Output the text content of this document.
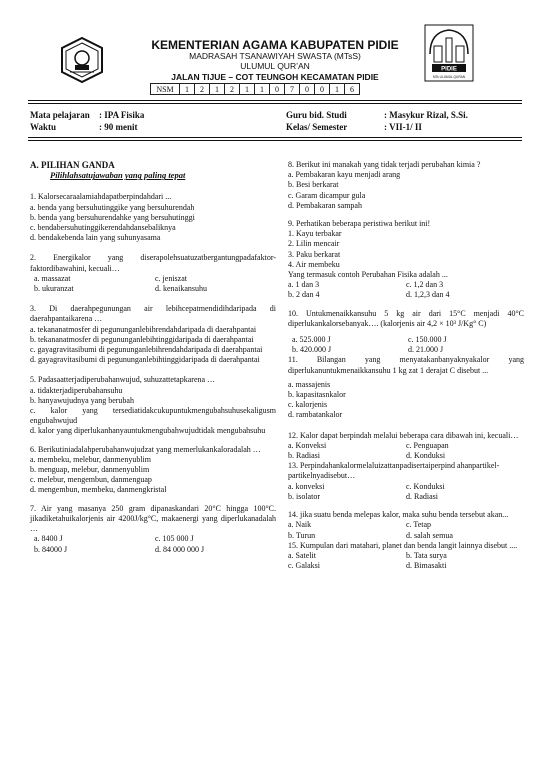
PIDIE
MTs ULUMUL QURAN
KEMENTERIAN AGAMA KABUPATEN PIDIE
MADRASAH TSANAWIYAH SWASTA (MTsS)
ULUMUL QUR’AN
JALAN TIJUE – COT TEUNGOH KECAMATAN PIDIE
NSM	1	2	1	2	1	1	0	7	0	0	1	6
Mata pelajaran : IPA Fisika
Waktu	: 90 menit
Guru bid. Studi	: Masykur Rizal, S.Si.
Kelas/ Semester	: VII-1/ II

A. PILIHAN GANDA

Pilihlahsatujawaban yang paling tepat

1. Kalorsecaraalamiahdapatberpindahdari ...

a. benda yang bersuhutinggike yang bersuhurendah

b. benda yang bersuhurendahke yang bersuhutinggi

c. bendabersuhutinggikerendahdansebaliknya

d. bendakebenda lain yang suhunyasama

2. Energikalor yang diserapolehsuatuzatbergantungpadafaktor-faktordibawahini, kecuali…

a. massazat	c. jeniszat
b. ukuranzat	d. kenaikansuhu

3. Di daerahpegunungan air lebihcepatmendidihdaripada di daerahpantaikarena …

a. tekananatmosfer di pegununganlebihrendahdaripada di daerahpantai

b. tekananatmosfer di pegununganlebihtinggidaripada di daerahpantai

c. gayagravitasibumi di pegununganlebihrendahdaripada di daerahpantai

d. gayagravitasibumi di pegununganlebihtinggidaripada di daerahpantai

5. Padasaatterjadiperubahanwujud, suhuzattetapkarena …

a. tidakterjadiperubahansuhu

b. hanyawujudnya yang berubah

c. kalor yang tersediatidakcukupuntukmengubahsuhusekaligusm engubahwujud

d. kalor yang diperlukanhanyauntukmengubahwujudtidak mengubahsuhu

6. Berikutiniadalahperubahanwujudzat yang memerlukankaloradalah …

a. membeku, melebur, danmenyublim

b. menguap, melebur, danmenyublim

c. melebur, mengembun, danmenguap

d. mengembun, membeku, danmengkristal

7. Air yang masanya 250 gram dipanaskandari 20°C hingga 100°C. jikadiketahuikalorjenis air 4200J/kg°C, makaenergi yang diperlukanadalah …

a. 8400 J	c. 105 000 J
b. 84000 J	d. 84 000 000 J

8. Berikut ini manakah yang tidak terjadi perubahan kimia ?

a. Pembakaran kayu menjadi arang

b. Besi berkarat

c. Garam dicampur gula

d. Pembakaran sampah

9. Perhatikan beberapa peristiwa berikut ini!

1. Kayu terbakar

2. Lilin mencair

3. Paku berkarat

4. Air membeku

Yang termasuk contoh Perubahan Fisika adalah ...

a. 1 dan 3	c. 1,2 dan 3
b. 2 dan 4	d. 1,2,3 dan 4

10. Untukmenaikkansuhu 5 kg air dari 15°C menjadi 40°C diperlukankalorsebanyak…. (kalorjenis air 4,2 × 10³ J/Kg° C)

a. 525.000 J	c. 150.000 J
b. 420.000 J	d. 21.000 J

11. Bilangan yang menyatakanbanyaknyakalor yang diperlukanuntukmenaikkansuhu 1 kg zat 1 derajat C disebut ...

a. massajenis

b. kapasitasnkalor

c. kalorjenis

d. rambatankalor

12. Kalor dapat berpindah melalui beberapa cara dibawah ini, kecuali…

a. Konveksi	c. Penguapan
b. Radiasi	d. Konduksi

13. Perpindahankalormelaluizattanpadisertaiperpind ahanpartikel-partikelnyadisebut…

a. konveksi	c. Konduksi
b. isolator	d. Radiasi

14. jika suatu benda melepas kalor, maka suhu benda tersebut akan...

a. Naik	c. Tetap
b. Turun	d. salah semua

15. Kumpulan dari matahari, planet dan benda langit lainnya disebut ....

a. Satelit	b. Tata surya
c. Galaksi	d. Bimasakti
